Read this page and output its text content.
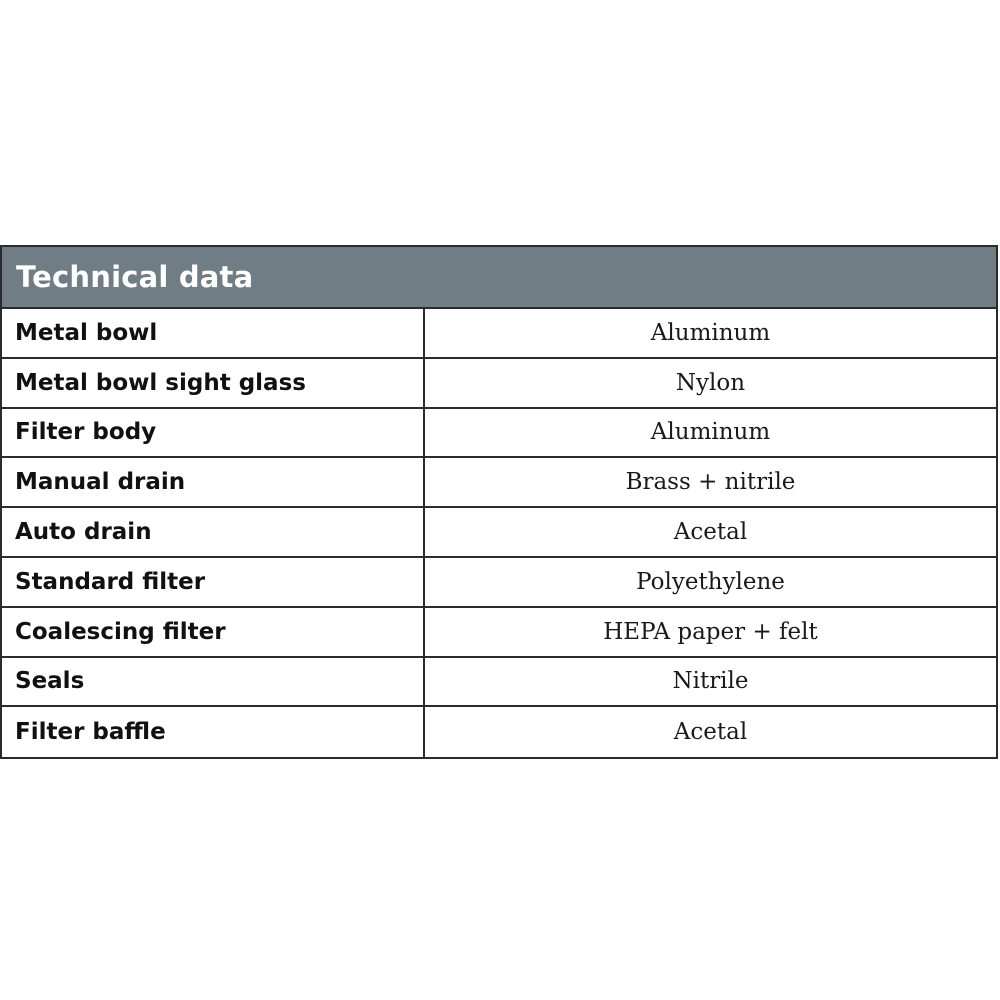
Technical data
Metal bowl	Aluminum
Metal bowl sight glass	Nylon
Filter body	Aluminum
Manual drain	Brass + nitrile
Auto drain	Acetal
Standard filter	Polyethylene
Coalescing filter	HEPA paper + felt
Seals	Nitrile
Filter baffle	Acetal
